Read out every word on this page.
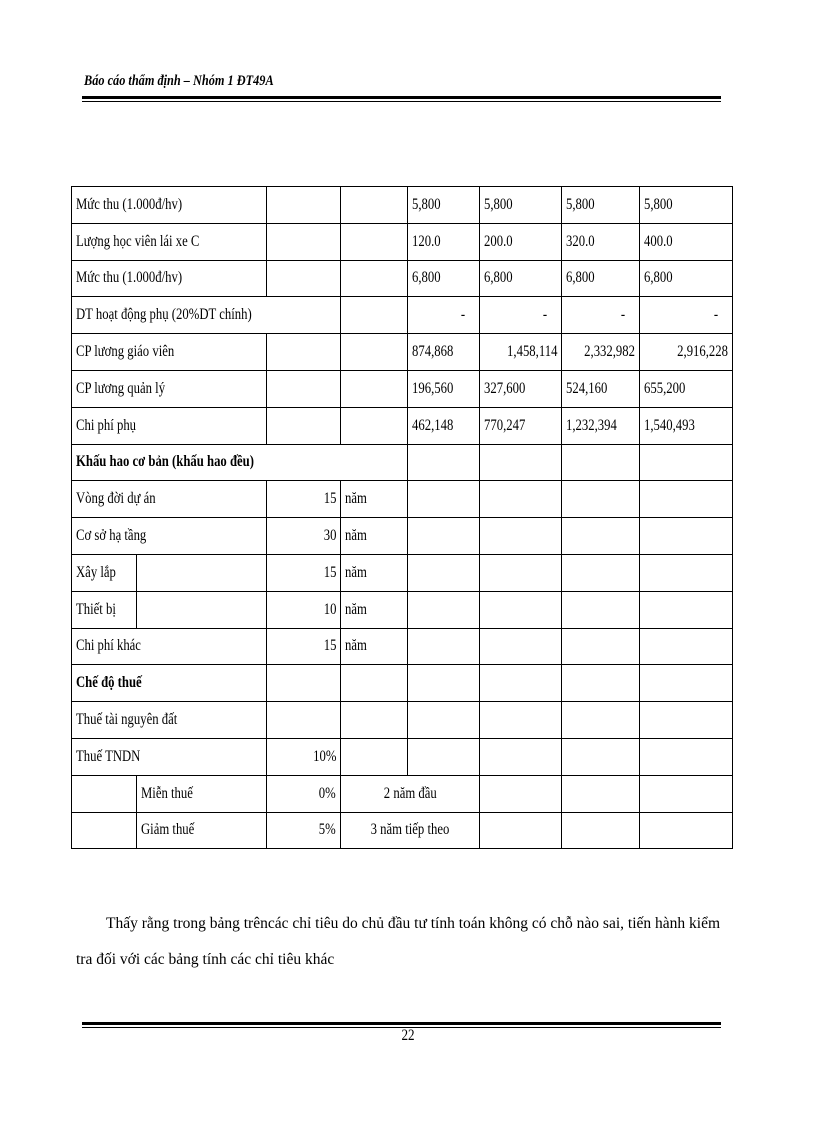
Báo cáo thẩm định – Nhóm 1 ĐT49A
Mức thu (1.000đ/hv)				5,800	5,800	5,800	5,800
Lượng học viên lái xe C				120.0	200.0	320.0	400.0
Mức thu (1.000đ/hv)				6,800	6,800	6,800	6,800
DT hoạt động phụ (20%DT chính)				-	-	-	-
CP lương giáo viên				874,868	1,458,114	2,332,982	2,916,228
CP lương quản lý				196,560	327,600	524,160	655,200
Chi phí phụ				462,148	770,247	1,232,394	1,540,493
Khấu hao cơ bản (khấu hao đều)							
Vòng đời dự án		15	năm				
Cơ sở hạ tầng		30	năm				
Xây lắp		15	năm				
Thiết bị		10	năm				
Chi phí khác		15	năm				
Chế độ thuế							
Thuế tài nguyên đất							
Thuế TNDN		10%					
	Miễn thuế	0%	2 năm đầu				
	Giảm thuế	5%	3 năm tiếp theo				
Thấy rằng trong bảng trêncác chỉ tiêu do chủ đầu tư tính toán không có chỗ nào sai, tiến hành kiểm tra đối với các bảng tính các chỉ tiêu khác
22
